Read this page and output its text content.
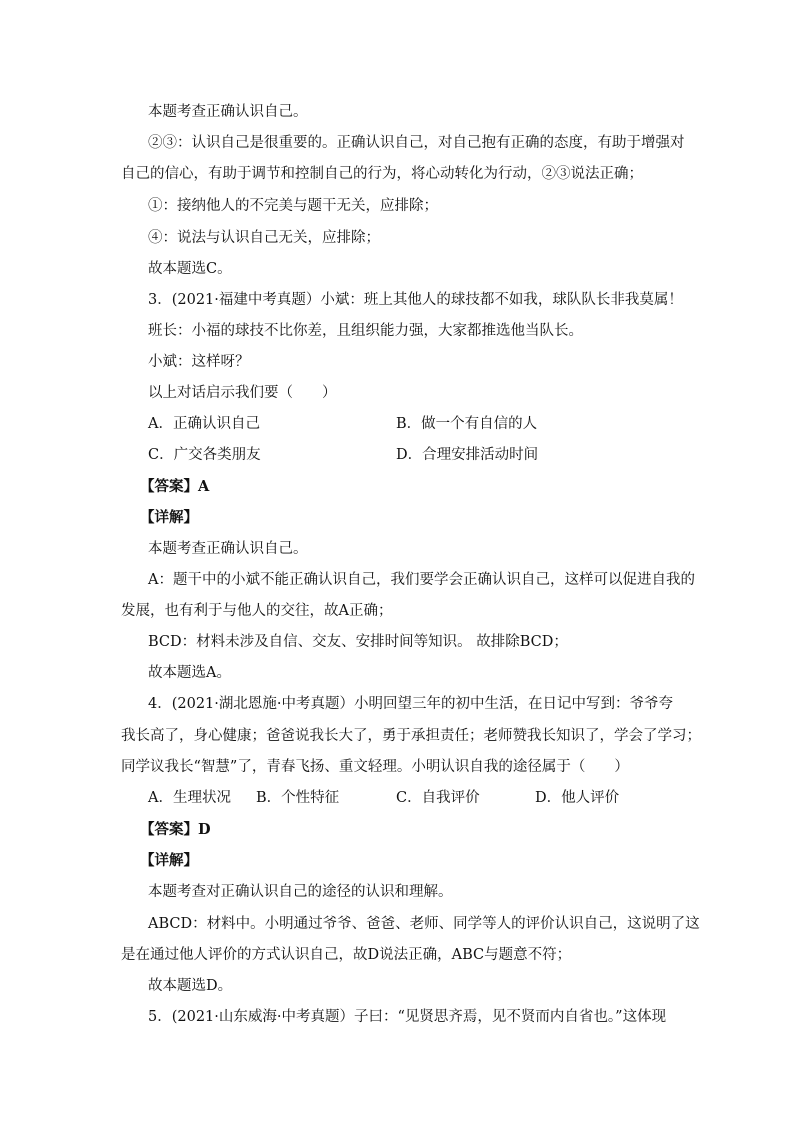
本题考查正确认识自己。
②③：认识自己是很重要的。正确认识自己，对自己抱有正确的态度，有助于增强对
自己的信心，有助于调节和控制自己的行为，将心动转化为行动，②③说法正确；
①：接纳他人的不完美与题干无关，应排除；
④：说法与认识自己无关，应排除；
故本题选C。
3．(2021·福建中考真题）小斌：班上其他人的球技都不如我，球队队长非我莫属！
班长：小福的球技不比你差，且组织能力强，大家都推选他当队长。
小斌：这样呀？
以上对话启示我们要（　　）
A．正确认识自己	B．做一个有自信的人
C．广交各类朋友	D．合理安排活动时间
【答案】A
【详解】
本题考查正确认识自己。
A：题干中的小斌不能正确认识自己，我们要学会正确认识自己，这样可以促进自我的
发展，也有利于与他人的交往，故A正确；
BCD：材料未涉及自信、交友、安排时间等知识。 故排除BCD；
故本题选A。
4．(2021·湖北恩施·中考真题）小明回望三年的初中生活，在日记中写到：爷爷夸
我长高了，身心健康；爸爸说我长大了，勇于承担责任；老师赞我长知识了，学会了学习；
同学议我长“智慧”了，青春飞扬、重文轻理。小明认识自我的途径属于（　　）
A．生理状况 B．个性特征	C．自我评价	D．他人评价
【答案】D
【详解】
本题考查对正确认识自己的途径的认识和理解。
ABCD：材料中。小明通过爷爷、爸爸、老师、同学等人的评价认识自己，这说明了这
是在通过他人评价的方式认识自己，故D说法正确，ABC与题意不符；
故本题选D。
5．(2021·山东威海·中考真题）子曰：“见贤思齐焉，见不贤而内自省也。”这体现
